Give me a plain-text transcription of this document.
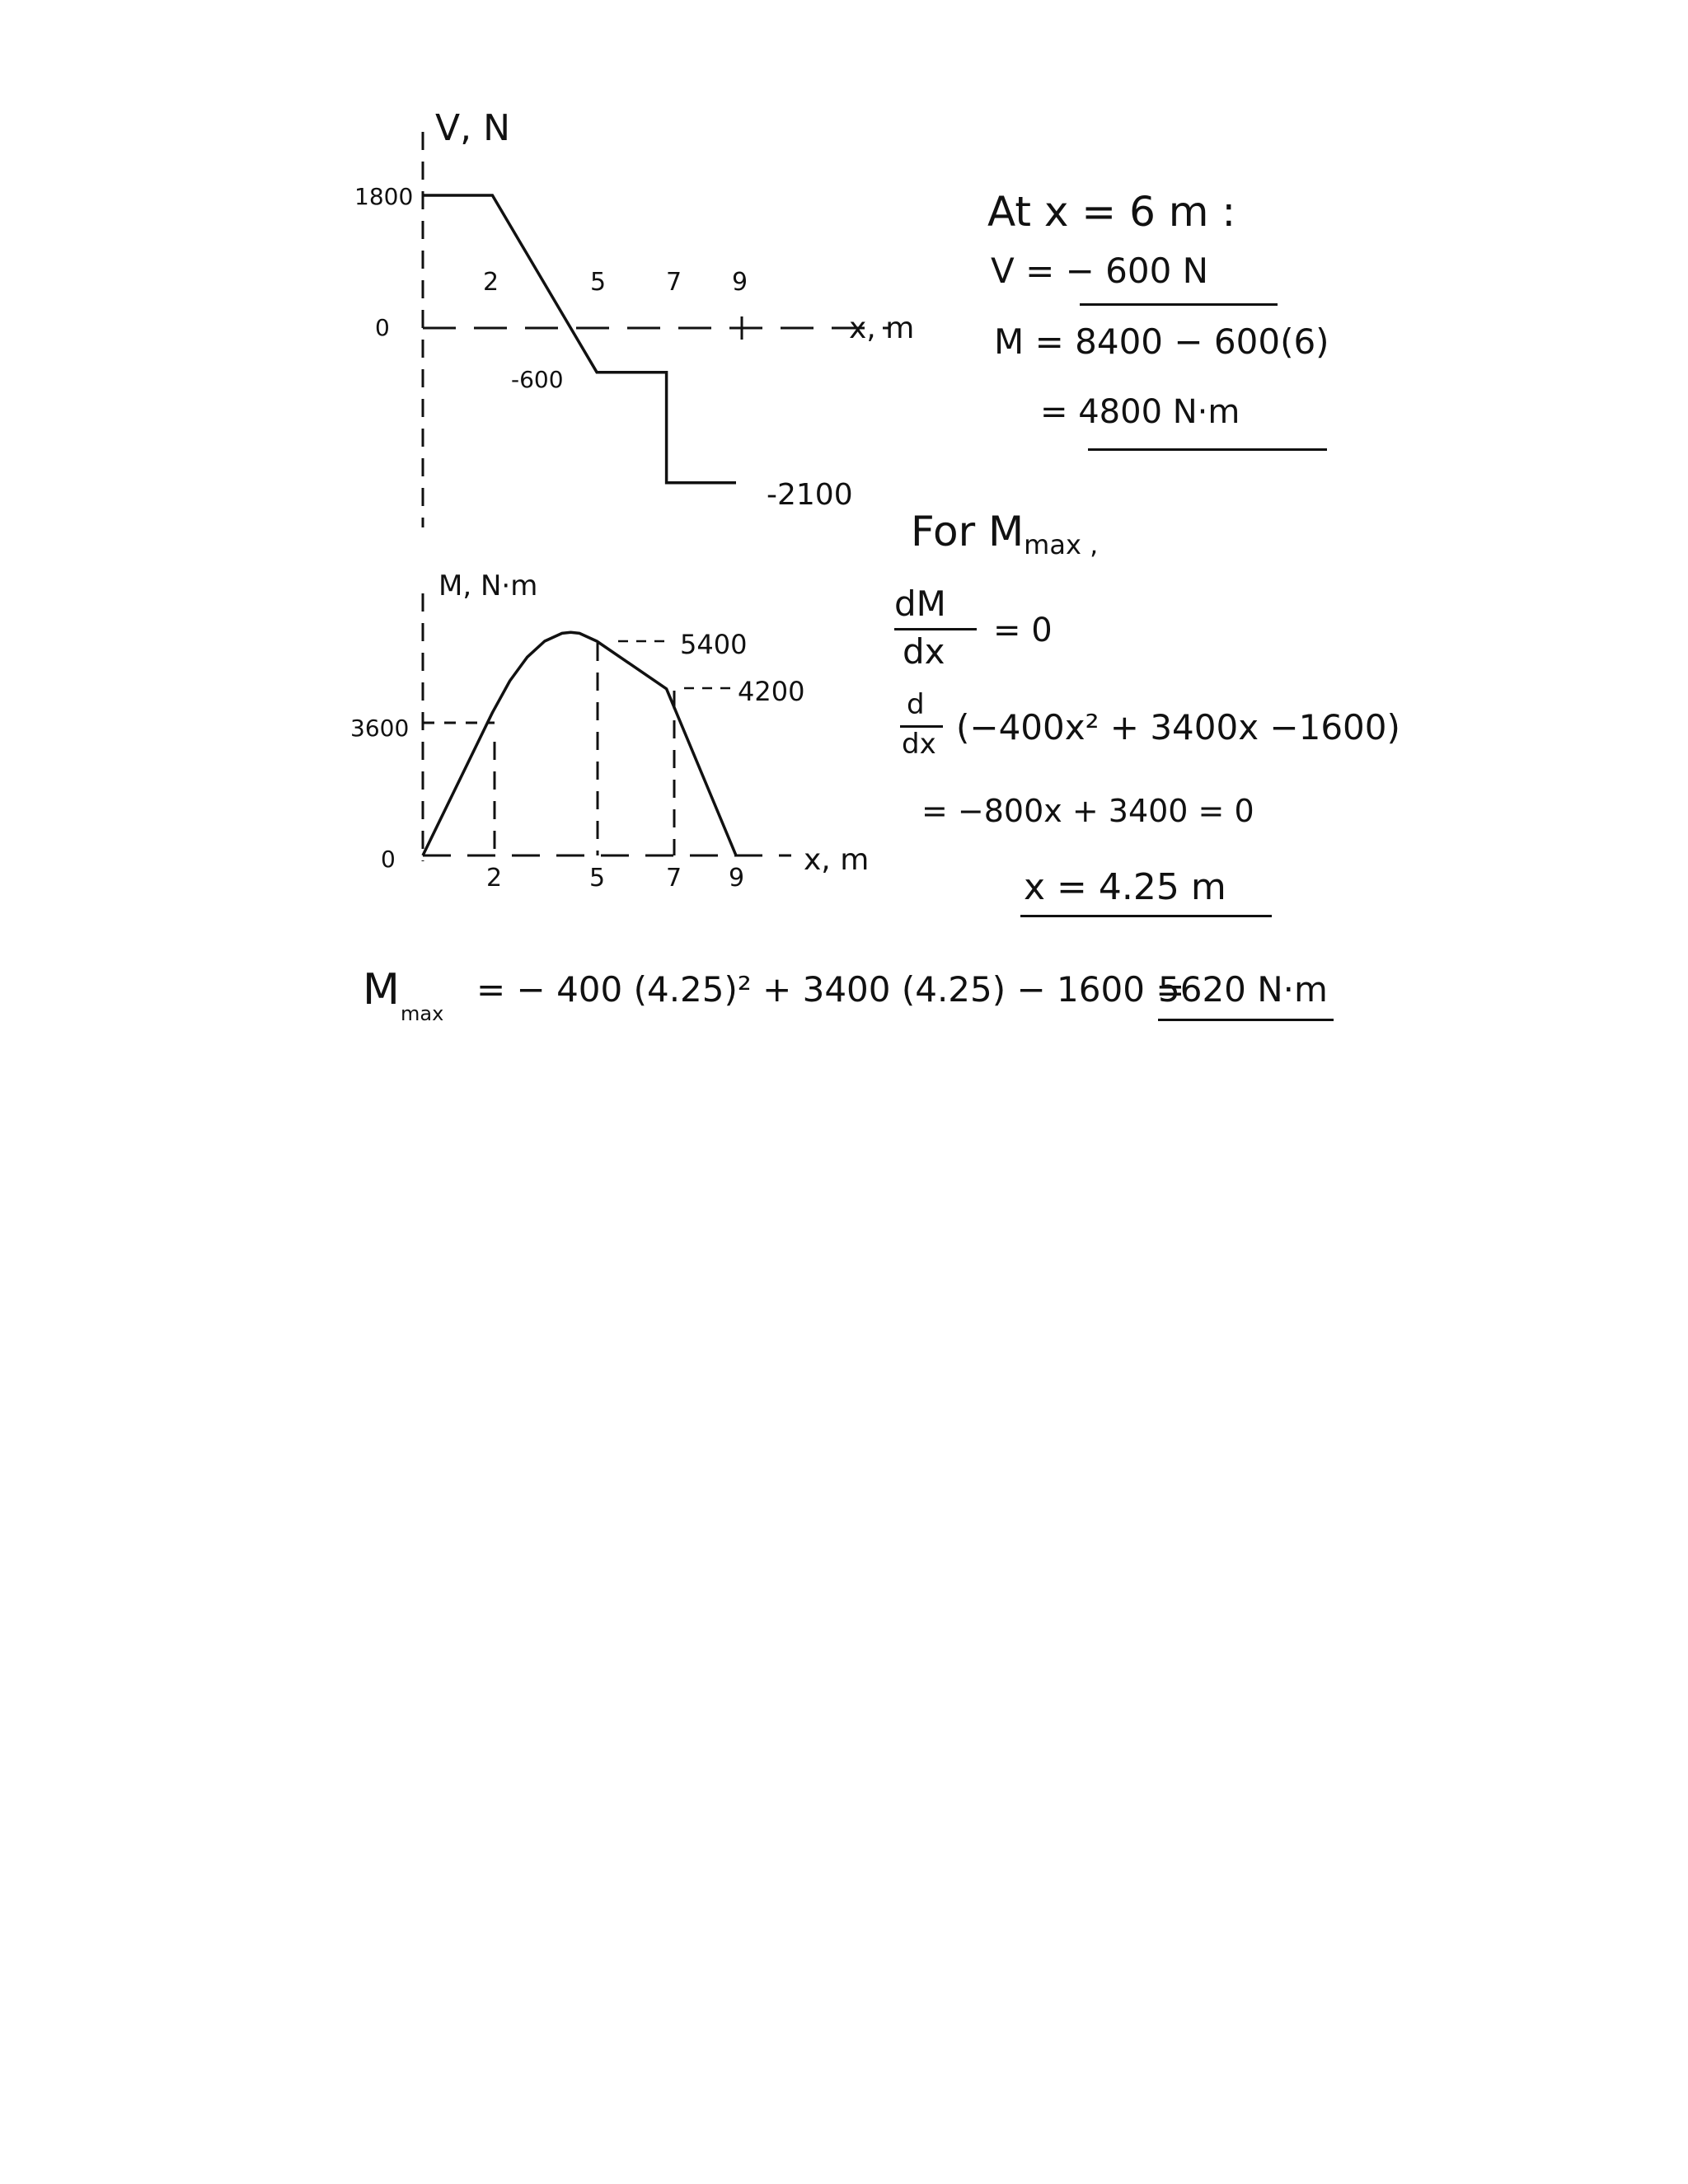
V, N
1800
0
2	5 7 9
x, m
-600
-2100
M, N·m
3600
0
5400
4200
2	5 7 9
x, m
At x = 6 m :
V = − 600 N
M = 8400 − 600(6)
= 4800 N·m
For $M_{max ,}$
dM
dx
= 0
d
dx (−400x² + 3400x −1600)
= −800x + 3400 = 0
x = 4.25 m
M max
= − 400 (4.25)² + 3400 (4.25) − 1600 =
5620 N·m
